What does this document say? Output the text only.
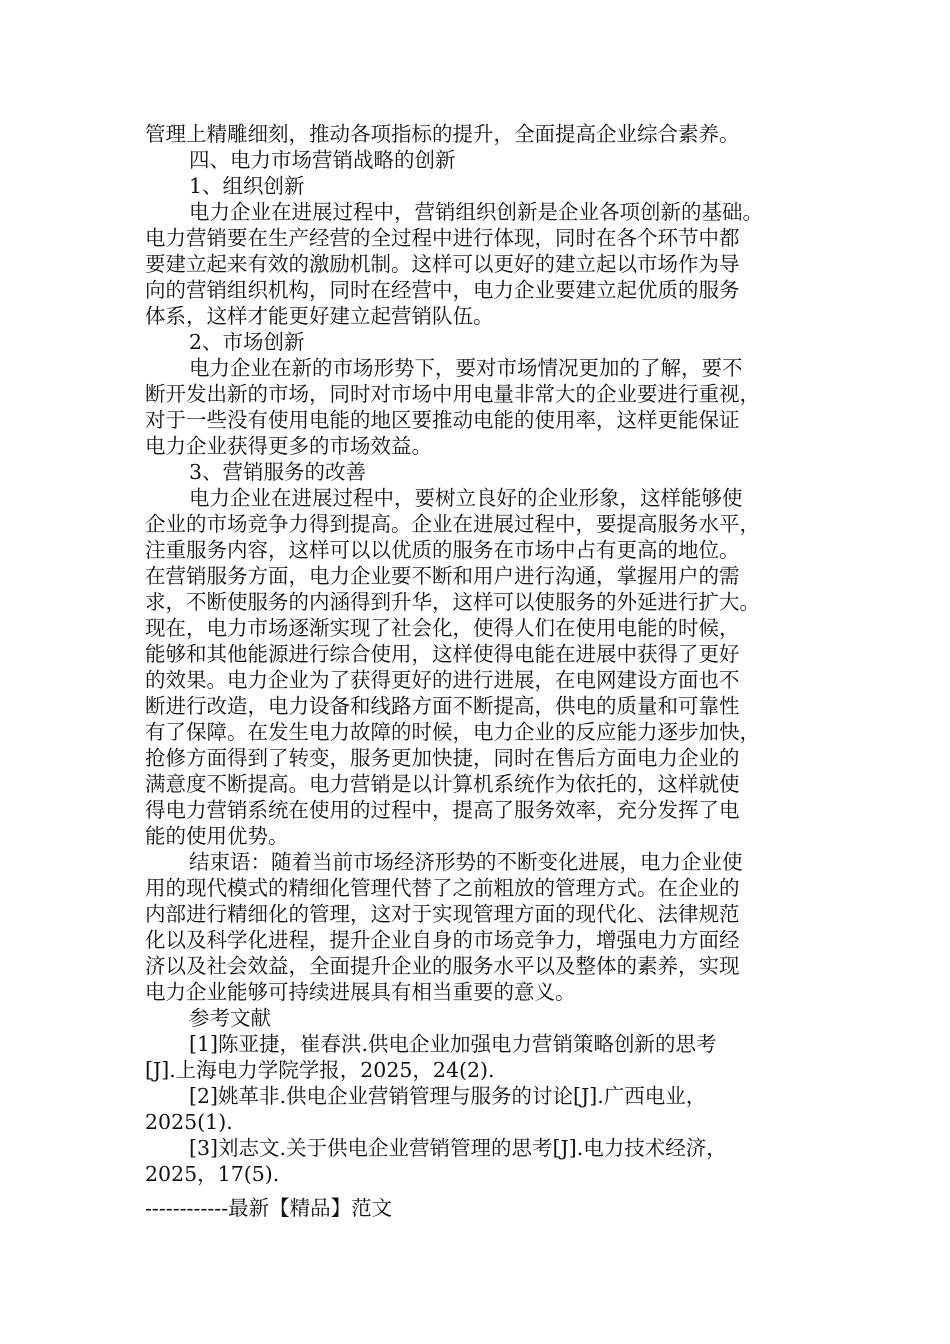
管理上精雕细刻，推动各项指标的提升，全面提高企业综合素养。
四、电力市场营销战略的创新
1、组织创新
电力企业在进展过程中，营销组织创新是企业各项创新的基础。
电力营销要在生产经营的全过程中进行体现，同时在各个环节中都
要建立起来有效的激励机制。这样可以更好的建立起以市场作为导
向的营销组织机构，同时在经营中，电力企业要建立起优质的服务
体系，这样才能更好建立起营销队伍。
2、市场创新
电力企业在新的市场形势下，要对市场情况更加的了解，要不
断开发出新的市场，同时对市场中用电量非常大的企业要进行重视，
对于一些没有使用电能的地区要推动电能的使用率，这样更能保证
电力企业获得更多的市场效益。
3、营销服务的改善
电力企业在进展过程中，要树立良好的企业形象，这样能够使
企业的市场竞争力得到提高。企业在进展过程中，要提高服务水平，
注重服务内容，这样可以以优质的服务在市场中占有更高的地位。
在营销服务方面，电力企业要不断和用户进行沟通，掌握用户的需
求，不断使服务的内涵得到升华，这样可以使服务的外延进行扩大。
现在，电力市场逐渐实现了社会化，使得人们在使用电能的时候，
能够和其他能源进行综合使用，这样使得电能在进展中获得了更好
的效果。电力企业为了获得更好的进行进展，在电网建设方面也不
断进行改造，电力设备和线路方面不断提高，供电的质量和可靠性
有了保障。在发生电力故障的时候，电力企业的反应能力逐步加快，
抢修方面得到了转变，服务更加快捷，同时在售后方面电力企业的
满意度不断提高。电力营销是以计算机系统作为依托的，这样就使
得电力营销系统在使用的过程中，提高了服务效率，充分发挥了电
能的使用优势。
结束语：随着当前市场经济形势的不断变化进展，电力企业使
用的现代模式的精细化管理代替了之前粗放的管理方式。在企业的
内部进行精细化的管理，这对于实现管理方面的现代化、法律规范
化以及科学化进程，提升企业自身的市场竞争力，增强电力方面经
济以及社会效益，全面提升企业的服务水平以及整体的素养，实现
电力企业能够可持续进展具有相当重要的意义。
参考文献
[1]陈亚捷，崔春洪.供电企业加强电力营销策略创新的思考
[J].上海电力学院学报，2025，24(2).
[2]姚革非.供电企业营销管理与服务的讨论[J].广西电业，
2025(1).
[3]刘志文.关于供电企业营销管理的思考[J].电力技术经济，
2025，17(5).
------------最新【精品】范文
